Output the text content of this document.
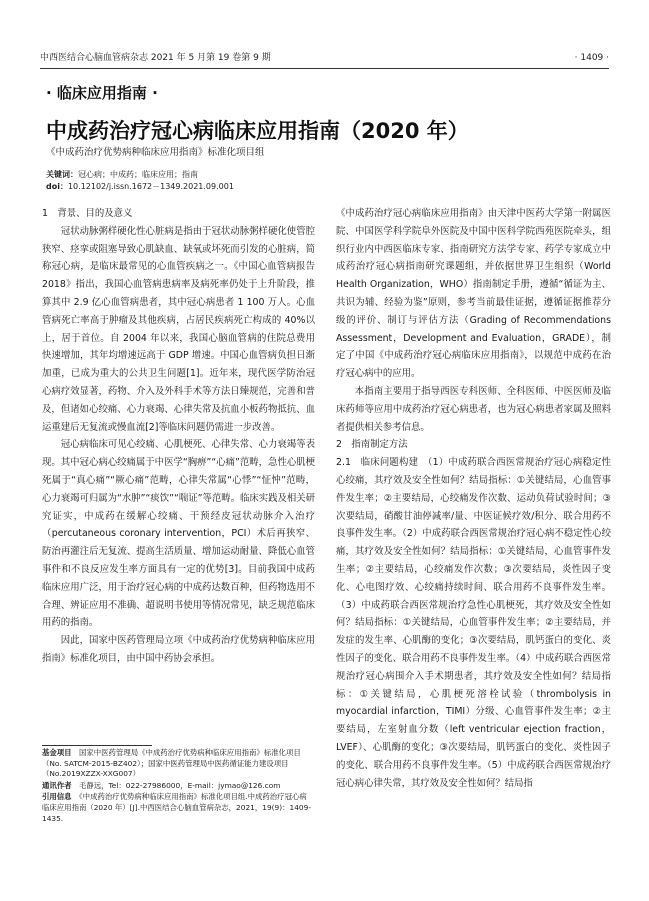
中西医结合心脑血管病杂志 2021 年 5 月第 19 卷第 9 期	· 1409 ·
· 临床应用指南 ·
中成药治疗冠心病临床应用指南（2020 年）
《中成药治疗优势病种临床应用指南》标准化项目组
关键词：冠心病；中成药；临床应用；指南
doi：10.12102/j.issn.1672－1349.2021.09.001

1　背景、目的及意义

冠状动脉粥样硬化性心脏病是指由于冠状动脉粥样硬化使管腔狭窄、痉挛或阻塞导致心肌缺血、缺氧或坏死而引发的心脏病，简称冠心病，是临床最常见的心血管疾病之一。《中国心血管病报告 2018》指出，我国心血管病患病率及病死率仍处于上升阶段，推算其中 2.9 亿心血管病患者，其中冠心病患者 1 100 万人。心血管病死亡率高于肿瘤及其他疾病，占居民疾病死亡构成的 40%以上，居于首位。自 2004 年以来，我国心脑血管病的住院总费用快速增加，其年均增速远高于 GDP 增速。中国心血管病负担日渐加重，已成为重大的公共卫生问题[1]。近年来，现代医学防治冠心病疗效显著，药物、介入及外科手术等方法日臻规范，完善和普及，但诸如心绞痛、心力衰竭、心律失常及抗血小板药物抵抗、血运重建后无复流或慢血流[2]等临床问题仍需进一步改善。

冠心病临床可见心绞痛、心肌梗死、心律失常、心力衰竭等表现。其中冠心病心绞痛属于中医学“胸痹”“心痛”范畴，急性心肌梗死属于“真心痛”“厥心痛”范畴，心律失常属“心悸”“怔忡”范畴，心力衰竭可归属为“水肿”“痰饮”“喘证”等范畴。临床实践及相关研究证实，中成药在缓解心绞痛、干预经皮冠状动脉介入治疗（percutaneous coronary intervention，PCI）术后再狭窄、防治再灌注后无复流、提高生活质量、增加运动耐量、降低心血管事件和不良反应发生率方面具有一定的优势[3]。目前我国中成药临床应用广泛，用于治疗冠心病的中成药达数百种，但药物选用不合理、辨证应用不准确、超说明书使用等情况常见，缺乏规范临床用药的指南。

因此，国家中医药管理局立项《中成药治疗优势病种临床应用指南》标准化项目，由中国中药协会承担。

《中成药治疗冠心病临床应用指南》由天津中医药大学第一附属医院、中国医学科学院阜外医院及中国中医科学院西苑医院牵头，组织行业内中西医临床专家、指南研究方法学专家、药学专家成立中成药治疗冠心病指南研究课题组，并依据世界卫生组织（World Health Organization，WHO）指南制定手册，遵循“循证为主、共识为辅、经验为鉴”原则，参考当前最佳证据，遵循证据推荐分级的评价、制订与评估方法（Grading of Recommendations Assessment，Development and Evaluation，GRADE），制定了中国《中成药治疗冠心病临床应用指南》，以规范中成药在治疗冠心病中的应用。

本指南主要用于指导西医专科医师、全科医师、中医医师及临床药师等应用中成药治疗冠心病患者，也为冠心病患者家属及照料者提供相关参考信息。

2　指南制定方法

2.1　临床问题构建　（1）中成药联合西医常规治疗冠心病稳定性心绞痛，其疗效及安全性如何？结局指标：①关键结局，心血管事件发生率；②主要结局，心绞痛发作次数、运动负荷试验时间；③次要结局，硝酸甘油停减率/量、中医证候疗效/积分、联合用药不良事件发生率。（2）中成药联合西医常规治疗冠心病不稳定性心绞痛，其疗效及安全性如何？结局指标：①关键结局，心血管事件发生率；②主要结局，心绞痛发作次数；③次要结局，炎性因子变化、心电图疗效、心绞痛持续时间、联合用药不良事件发生率。（3）中成药联合西医常规治疗急性心肌梗死，其疗效及安全性如何？结局指标：①关键结局，心血管事件发生率；②主要结局，并发症的发生率、心肌酶的变化；③次要结局，肌钙蛋白的变化、炎性因子的变化、联合用药不良事件发生率。（4）中成药联合西医常规治疗冠心病围介入手术期患者，其疗效及安全性如何？结局指标：①关键结局，心肌梗死溶栓试验（thrombolysis in myocardial infarction，TIMI）分级、心血管事件发生率；②主要结局，左室射血分数（left ventricular ejection fraction，LVEF）、心肌酶的变化；③次要结局，肌钙蛋白的变化、炎性因子的变化、联合用药不良事件发生率。（5）中成药联合西医常规治疗冠心病心律失常，其疗效及安全性如何？结局指

基金项目　 国家中医药管理局《中成药治疗优势病种临床应用指南》标准化项目（No. SATCM-2015-BZ402）；国家中医药管理局中医药循证能力建设项目（No.2019XZZX-XXG007）

通讯作者　 毛静远，Tel：022-27986000，E-mail：jymao@126.com

引用信息　 《中成药治疗优势病种临床应用指南》标准化项目组.中成药治疗冠心病临床应用指南（2020 年）[J].中西医结合心脑血管病杂志，2021，19(9)：1409-1435.
